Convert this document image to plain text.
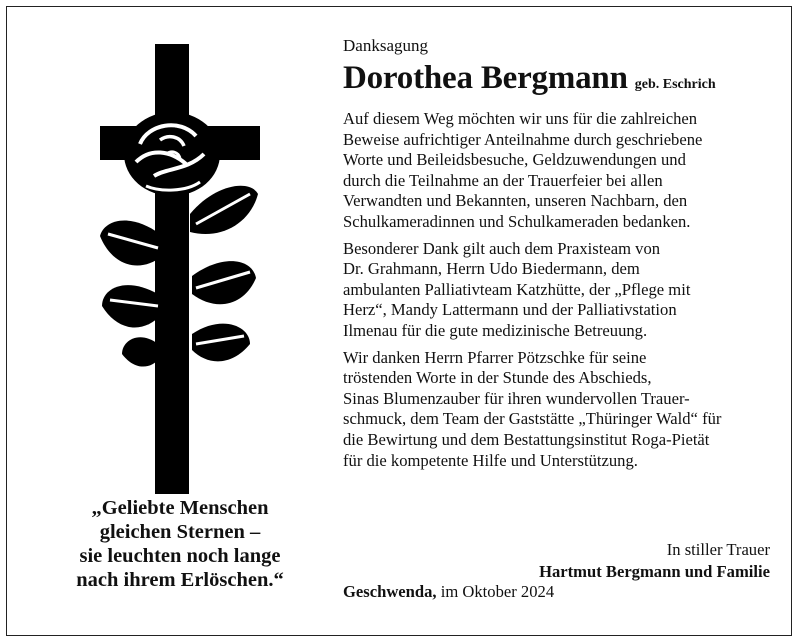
„Geliebte Menschen
gleichen Sternen –
sie leuchten noch lange
nach ihrem Erlöschen.“
Danksagung
Dorothea Bergmann geb. Eschrich
Auf diesem Weg möchten wir uns für die zahlreichen
Beweise aufrichtiger Anteilnahme durch geschriebene
Worte und Beileidsbesuche, Geldzuwendungen und
durch die Teilnahme an der Trauerfeier bei allen
Verwandten und Bekannten, unseren Nachbarn, den
Schulkameradinnen und Schulkameraden bedanken.
Besonderer Dank gilt auch dem Praxisteam von
Dr. Grahmann, Herrn Udo Biedermann, dem
ambulanten Palliativteam Katzhütte, der „Pflege mit
Herz“, Mandy Lattermann und der Palliativstation
Ilmenau für die gute medizinische Betreuung.
Wir danken Herrn Pfarrer Pötzschke für seine
tröstenden Worte in der Stunde des Abschieds,
Sinas Blumenzauber für ihren wundervollen Trauer-
schmuck, dem Team der Gaststätte „Thüringer Wald“ für
die Bewirtung und dem Bestattungsinstitut Roga-Pietät
für die kompetente Hilfe und Unterstützung.
In stiller Trauer
Hartmut Bergmann und Familie
Geschwenda, im Oktober 2024
